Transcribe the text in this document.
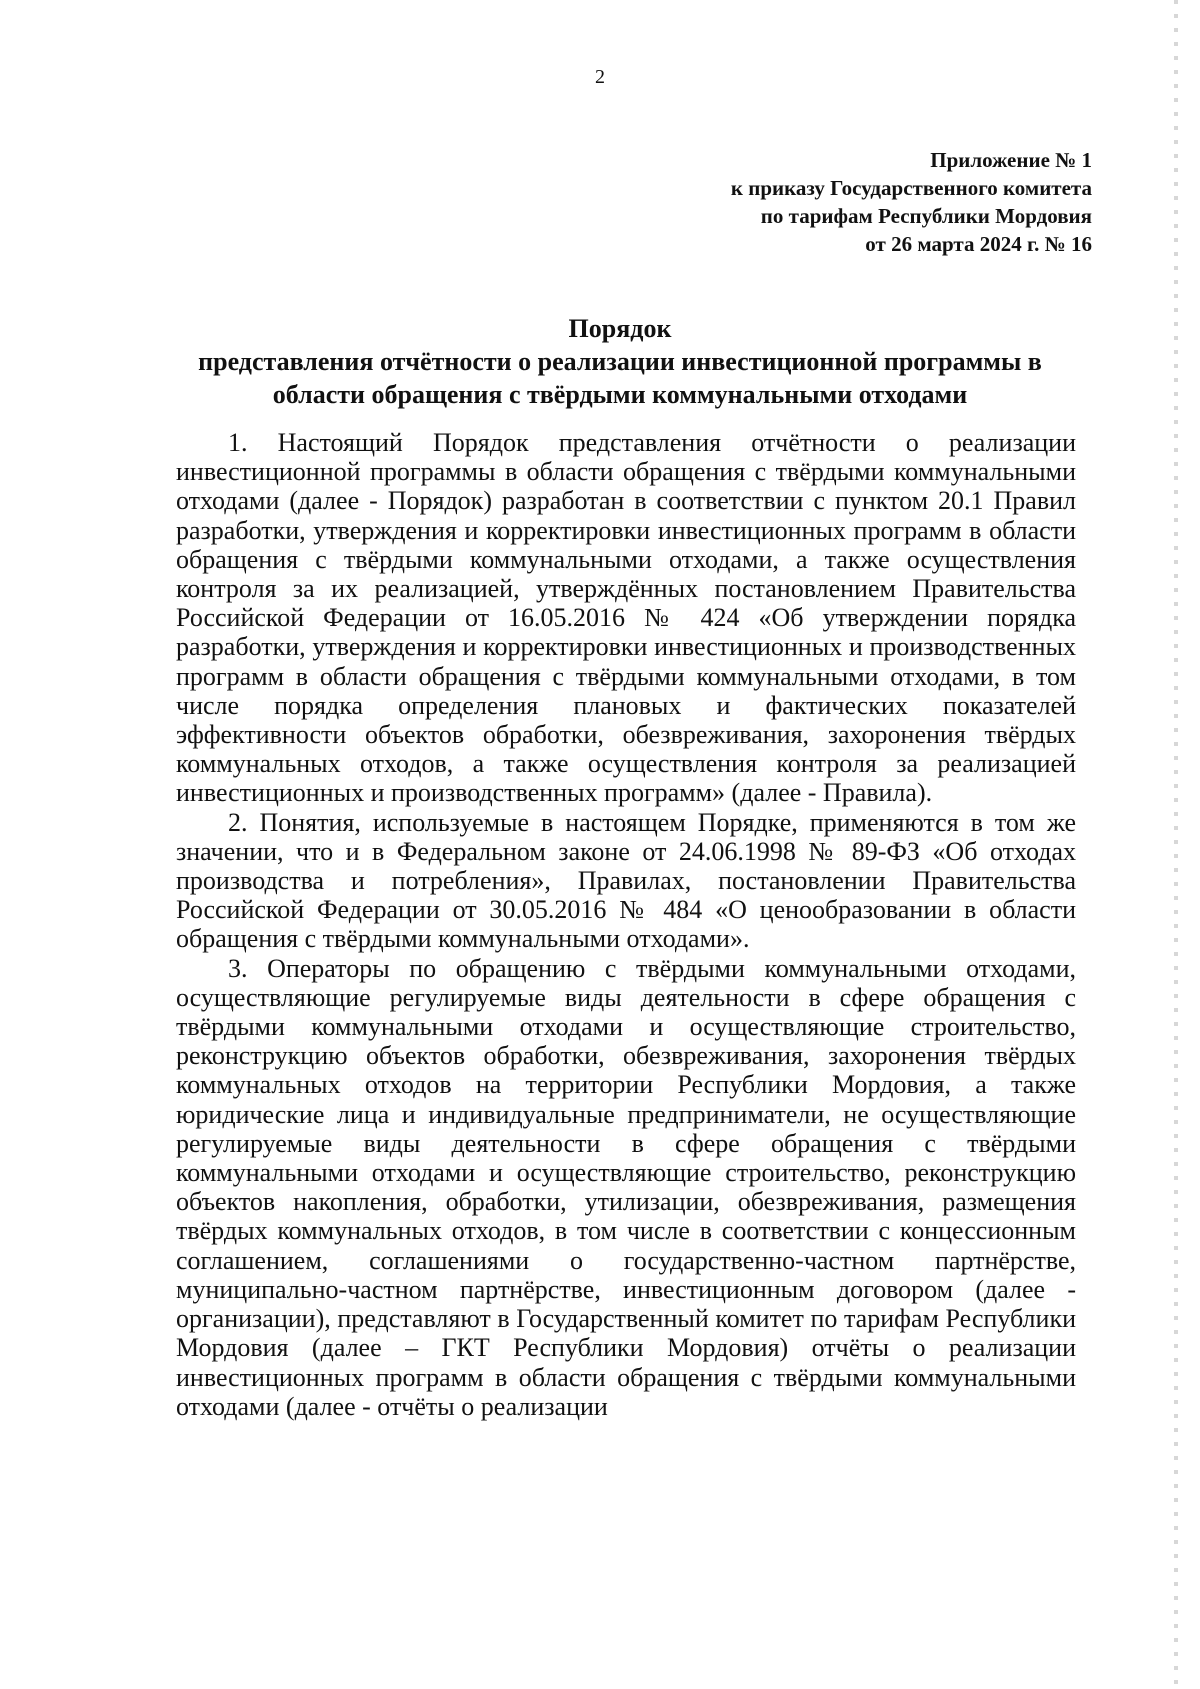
2
Приложение № 1
к приказу Государственного комитета
по тарифам Республики Мордовия
от 26 марта 2024 г. № 16
Порядок
представления отчётности о реализации инвестиционной программы в
области обращения с твёрдыми коммунальными отходами

1. Настоящий Порядок представления отчётности о реализации инвестиционной программы в области обращения с твёрдыми коммунальными отходами (далее - Порядок) разработан в соответствии с пунктом 20.1 Правил разработки, утверждения и корректировки инвестиционных программ в области обращения с твёрдыми коммунальными отходами, а также осуществления контроля за их реализацией, утверждённых постановлением Правительства Российской Федерации от 16.05.2016 № 424 «Об утверждении порядка разработки, утверждения и корректировки инвестиционных и производственных программ в области обращения с твёрдыми коммунальными отходами, в том числе порядка определения плановых и фактических показателей эффективности объектов обработки, обезвреживания, захоронения твёрдых коммунальных отходов, а также осуществления контроля за реализацией инвестиционных и производственных программ» (далее - Правила).

2. Понятия, используемые в настоящем Порядке, применяются в том же значении, что и в Федеральном законе от 24.06.1998 № 89-ФЗ «Об отходах производства и потребления», Правилах, постановлении Правительства Российской Федерации от 30.05.2016 № 484 «О ценообразовании в области обращения с твёрдыми коммунальными отходами».

3. Операторы по обращению с твёрдыми коммунальными отходами, осуществляющие регулируемые виды деятельности в сфере обращения с твёрдыми коммунальными отходами и осуществляющие строительство, реконструкцию объектов обработки, обезвреживания, захоронения твёрдых коммунальных отходов на территории Республики Мордовия, а также юридические лица и индивидуальные предприниматели, не осуществляющие регулируемые виды деятельности в сфере обращения с твёрдыми коммунальными отходами и осуществляющие строительство, реконструкцию объектов накопления, обработки, утилизации, обезвреживания, размещения твёрдых коммунальных отходов, в том числе в соответствии с концессионным соглашением, соглашениями о государственно-частном партнёрстве, муниципально-частном партнёрстве, инвестиционным договором (далее - организации), представляют в Государственный комитет по тарифам Республики Мордовия (далее – ГКТ Республики Мордовия) отчёты о реализации инвестиционных программ в области обращения с твёрдыми коммунальными отходами (далее - отчёты о реализации
